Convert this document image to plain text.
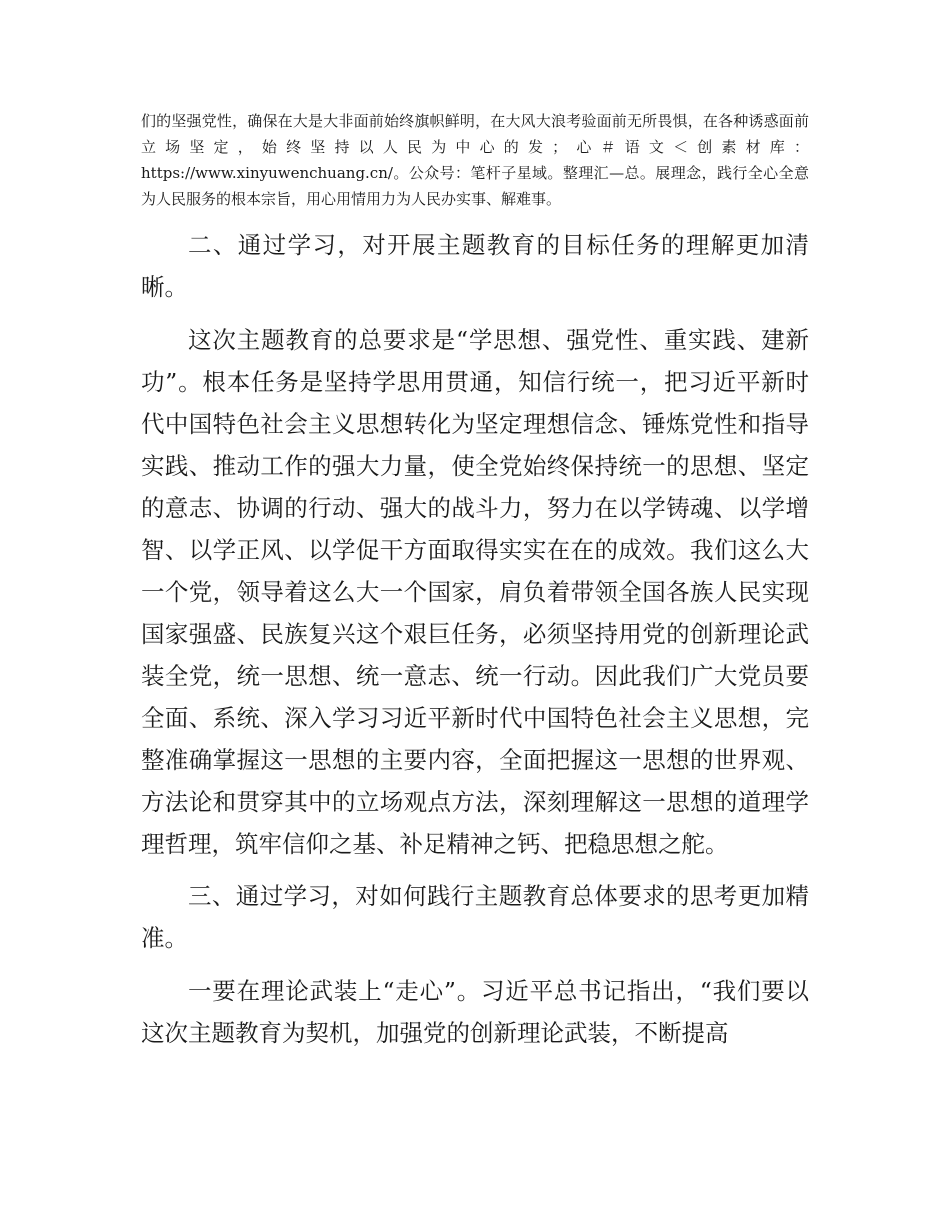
们的坚强党性，确保在大是大非面前始终旗帜鲜明，在大风大浪考验面前无所畏惧，在各种诱惑面前立场坚定，始终坚持以人民为中心的发；心＃语文＜创素材库：https://www.xinyuwenchuang.cn/。公众号：笔杆子星域。整理汇—总。展理念，践行全心全意为人民服务的根本宗旨，用心用情用力为人民办实事、解难事。

二、通过学习，对开展主题教育的目标任务的理解更加清晰。

这次主题教育的总要求是“学思想、强党性、重实践、建新功”。根本任务是坚持学思用贯通，知信行统一，把习近平新时代中国特色社会主义思想转化为坚定理想信念、锤炼党性和指导实践、推动工作的强大力量，使全党始终保持统一的思想、坚定的意志、协调的行动、强大的战斗力，努力在以学铸魂、以学增智、以学正风、以学促干方面取得实实在在的成效。我们这么大一个党，领导着这么大一个国家，肩负着带领全国各族人民实现国家强盛、民族复兴这个艰巨任务，必须坚持用党的创新理论武装全党，统一思想、统一意志、统一行动。因此我们广大党员要全面、系统、深入学习习近平新时代中国特色社会主义思想，完整准确掌握这一思想的主要内容，全面把握这一思想的世界观、方法论和贯穿其中的立场观点方法，深刻理解这一思想的道理学理哲理，筑牢信仰之基、补足精神之钙、把稳思想之舵。

三、通过学习，对如何践行主题教育总体要求的思考更加精准。

一要在理论武装上“走心”。习近平总书记指出，“我们要以这次主题教育为契机，加强党的创新理论武装，不断提高
